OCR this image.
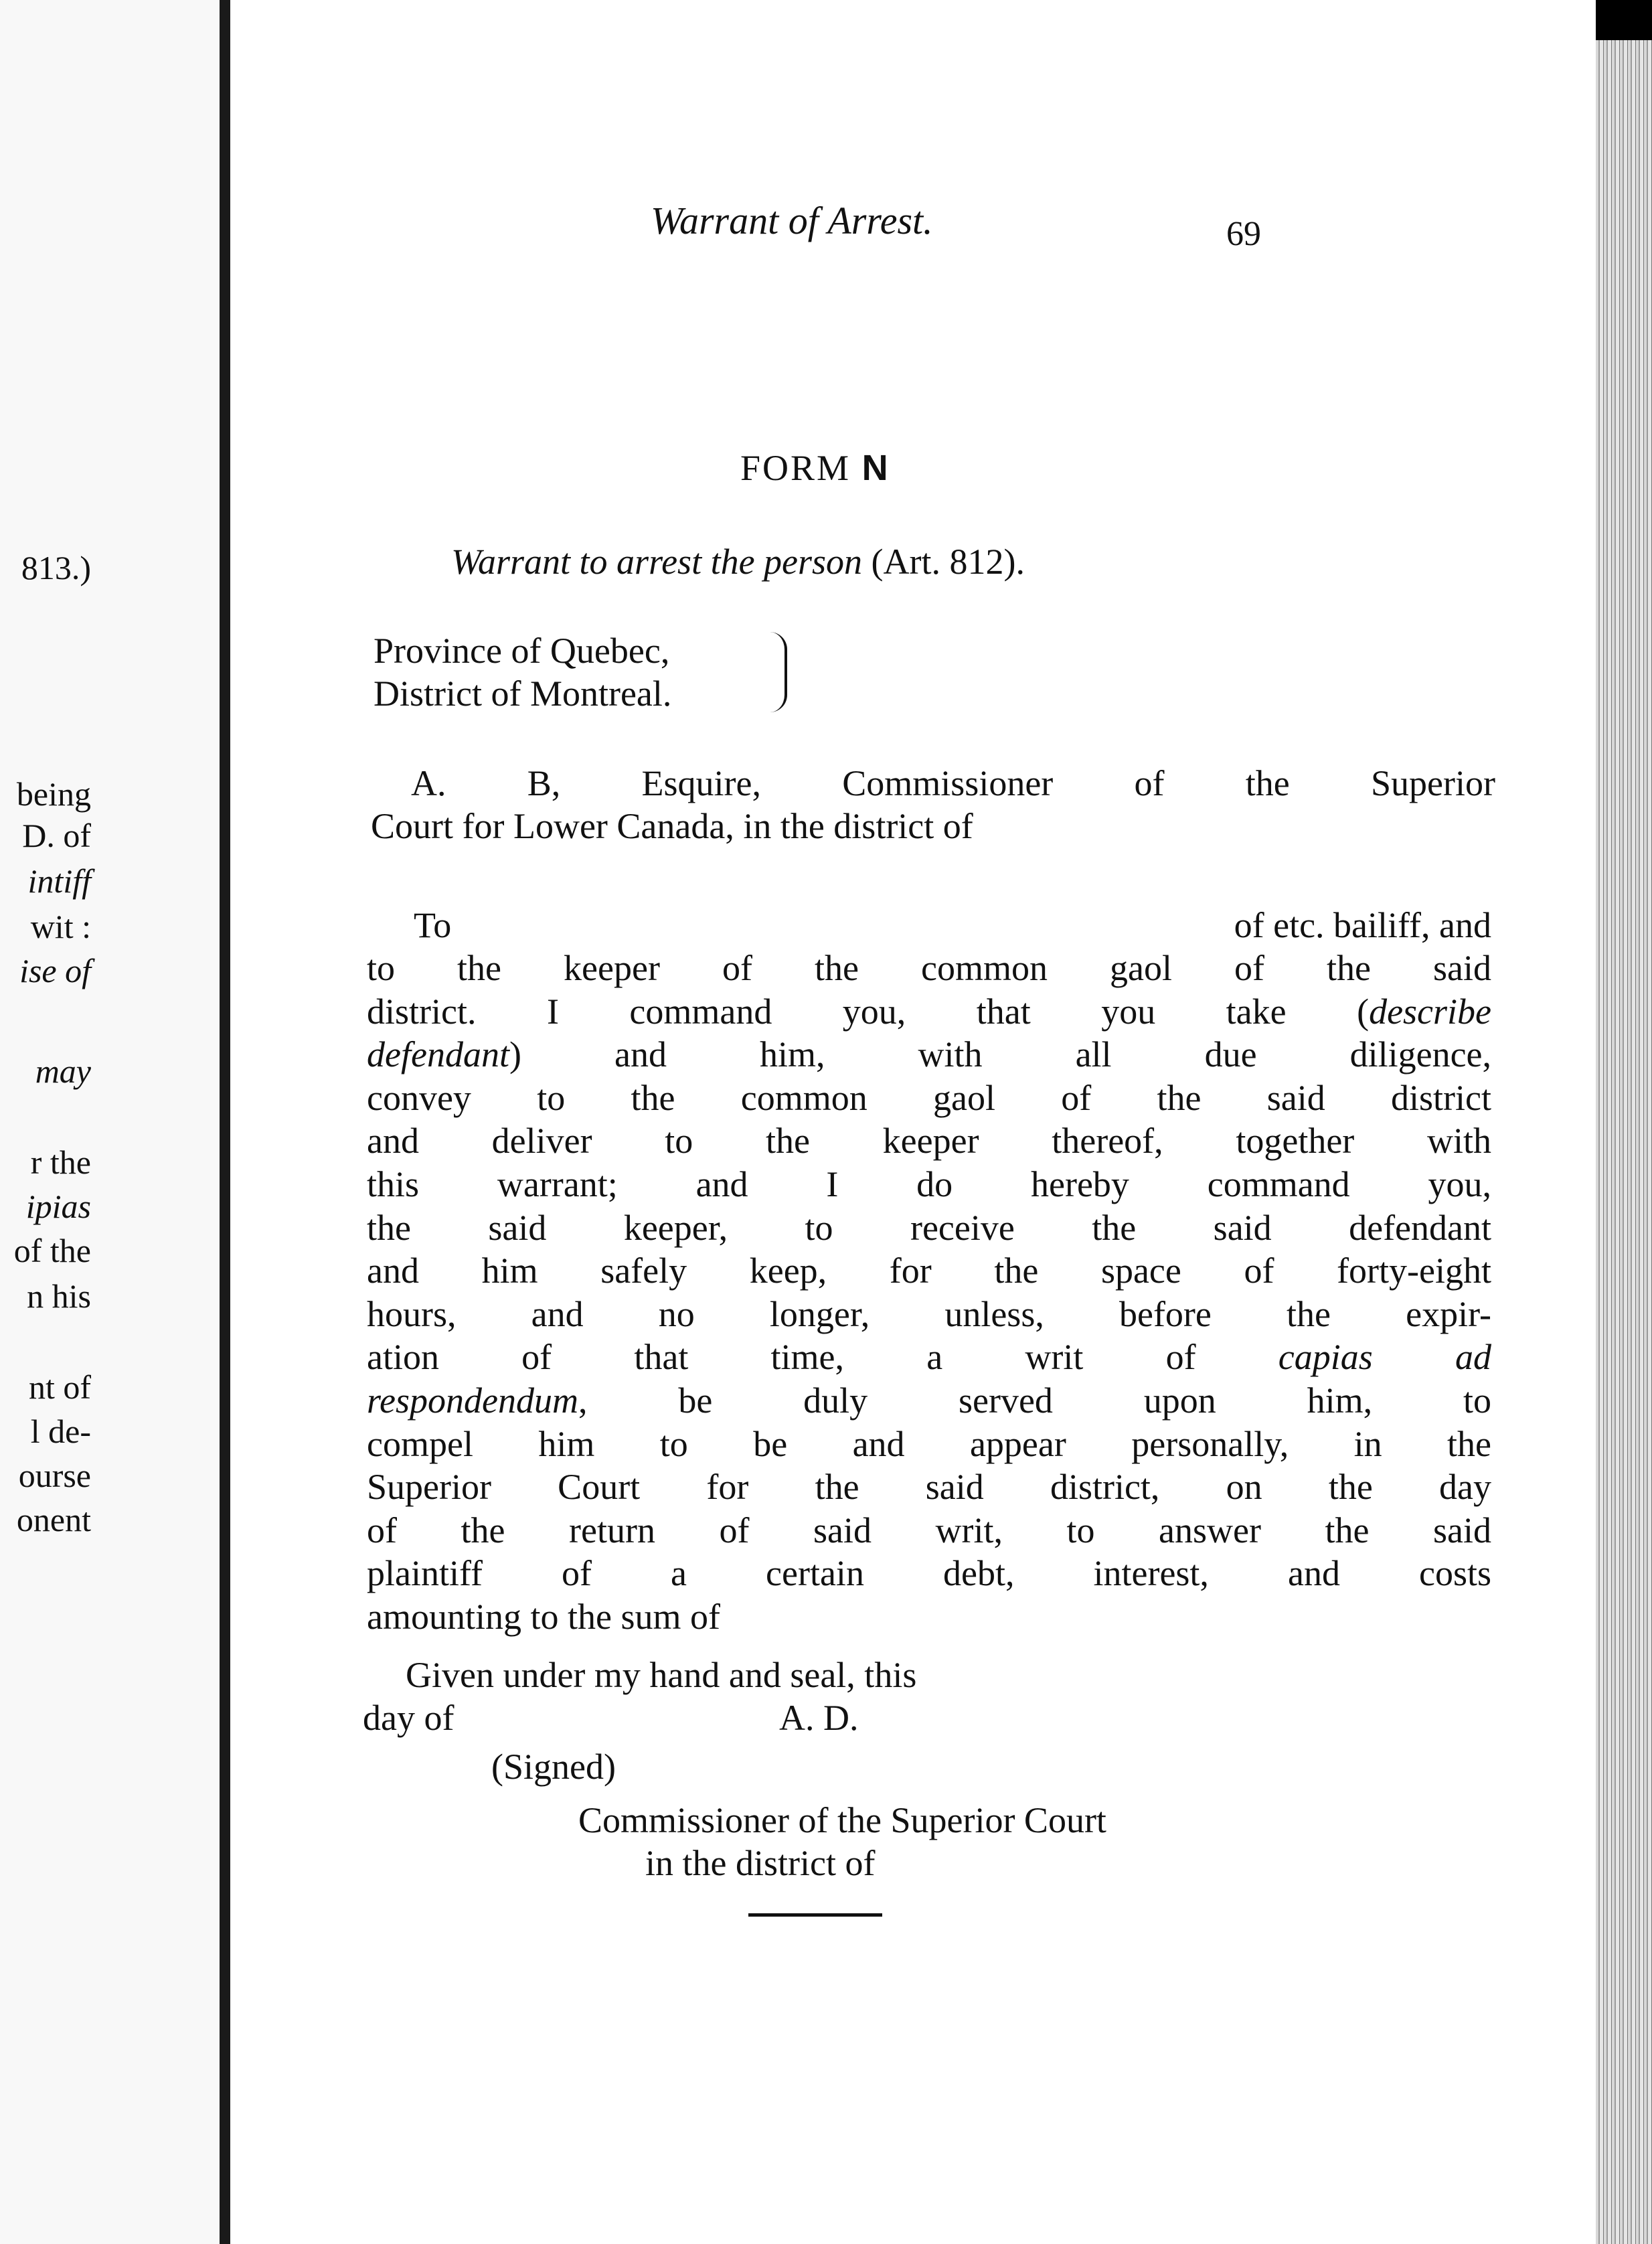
813.)
being
D. of
intiff
wit :
ise of
may
r the
ipias
of the
n his
nt of
l de-
ourse
onent
Warrant of Arrest.	69
FORM N
Warrant to arrest the person (Art. 812).
Province of Quebec,
District of Montreal.
A. B, Esquire, Commissioner of the Superior
Court for Lower Canada, in the district of
To	of etc. bailiff, and
to the keeper of the common gaol of the said
district. I command you, that you take (describe
defendant) and him, with all due diligence,
convey to the common gaol of the said district
and deliver to the keeper thereof, together with
this warrant; and I do hereby command you,
the said keeper, to receive the said defendant
and him safely keep, for the space of forty-eight
hours, and no longer, unless, before the expir-
ation of that time, a writ of capias ad
respondendum, be duly served upon him, to
compel him to be and appear personally, in the
Superior Court for the said district, on the day
of the return of said writ, to answer the said
plaintiff of a certain debt, interest, and costs
amounting to the sum of
Given under my hand and seal, this
day of	A. D.
(Signed)
Commissioner of the Superior Court
in the district of
